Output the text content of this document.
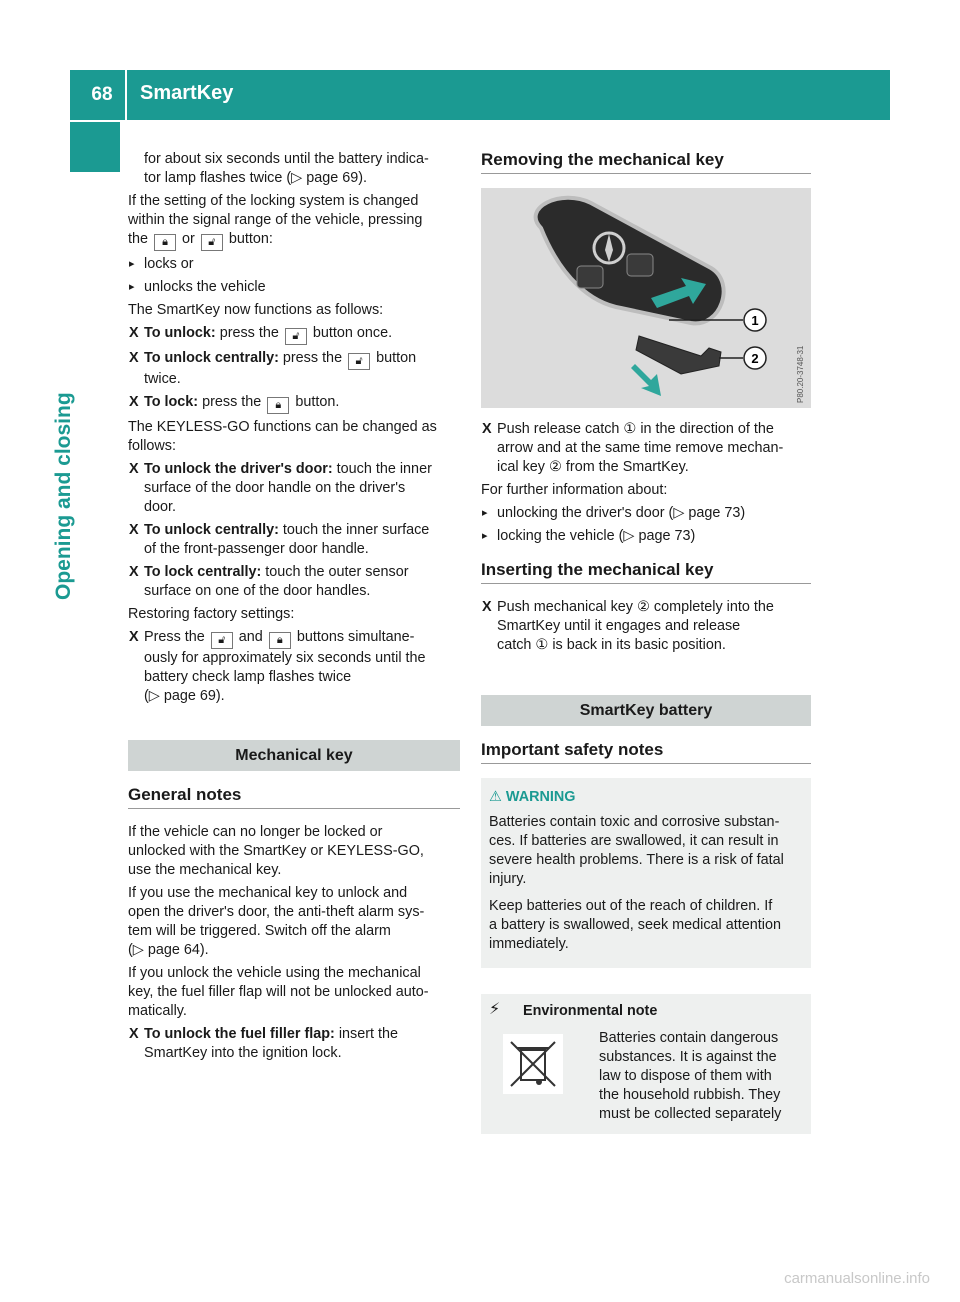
68	SmartKey
Opening and closing

for about six seconds until the battery indica-
tor lamp flashes twice (▷ page 69).

If the setting of the locking system is changed
within the signal range of the vehicle, pressing
the 🔒︎ or 🔓︎ button:

▸ locks or
▸ unlocks the vehicle

The SmartKey now functions as follows:

X To unlock: press the 🔓︎ button once.
X To unlock centrally: press the 🔓︎ button
twice.
X To lock: press the 🔒︎ button.

The KEYLESS-GO functions can be changed as
follows:

X To unlock the driver's door: touch the inner
surface of the door handle on the driver's
door.
X To unlock centrally: touch the inner surface
of the front-passenger door handle.
X To lock centrally: touch the outer sensor
surface on one of the door handles.

Restoring factory settings:

X Press the 🔓︎ and 🔒︎ buttons simultane-
ously for approximately six seconds until the
battery check lamp flashes twice
(▷ page 69).
Mechanical key
General notes

If the vehicle can no longer be locked or
unlocked with the SmartKey or KEYLESS-GO,
use the mechanical key.

If you use the mechanical key to unlock and
open the driver's door, the anti-theft alarm sys-
tem will be triggered. Switch off the alarm
(▷ page 64).

If you unlock the vehicle using the mechanical
key, the fuel filler flap will not be unlocked auto-
matically.

X To unlock the fuel filler flap: insert the
SmartKey into the ignition lock.
Removing the mechanical key
1
2	P80.20-3748-31
X Push release catch ① in the direction of the
arrow and at the same time remove mechan-
ical key ② from the SmartKey.

For further information about:

▸ unlocking the driver's door (▷ page 73)
▸ locking the vehicle (▷ page 73)
Inserting the mechanical key
X Push mechanical key ② completely into the
SmartKey until it engages and release
catch ① is back in its basic position.
SmartKey battery
Important safety notes
⚠︎ WARNING

Batteries contain toxic and corrosive substan-
ces. If batteries are swallowed, it can result in
severe health problems. There is a risk of fatal
injury.

Keep batteries out of the reach of children. If
a battery is swallowed, seek medical attention
immediately.

⚡︎ Environmental note
Batteries contain dangerous
substances. It is against the
law to dispose of them with
the household rubbish. They
must be collected separately
carmanualsonline.info
